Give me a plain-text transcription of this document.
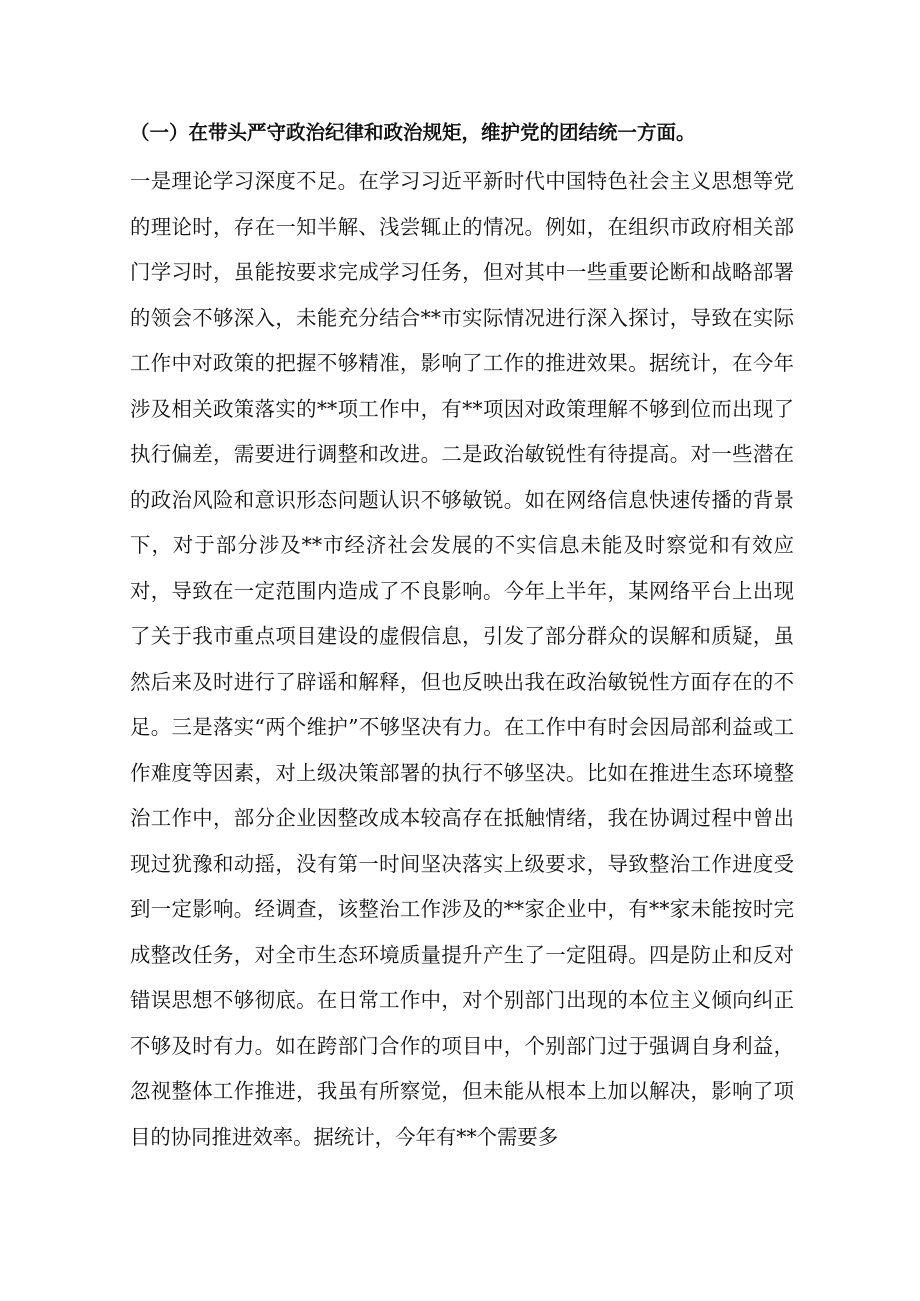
（一）在带头严守政治纪律和政治规矩，维护党的团结统一方面。
一是理论学习深度不足。在学习习近平新时代中国特色社会主义思想等党的理论时，存在一知半解、浅尝辄止的情况。例如，在组织市政府相关部门学习时，虽能按要求完成学习任务，但对其中一些重要论断和战略部署的领会不够深入，未能充分结合**市实际情况进行深入探讨，导致在实际工作中对政策的把握不够精准，影响了工作的推进效果。据统计，在今年涉及相关政策落实的**项工作中，有**项因对政策理解不够到位而出现了执行偏差，需要进行调整和改进。二是政治敏锐性有待提高。对一些潜在的政治风险和意识形态问题认识不够敏锐。如在网络信息快速传播的背景下，对于部分涉及**市经济社会发展的不实信息未能及时察觉和有效应对，导致在一定范围内造成了不良影响。今年上半年，某网络平台上出现了关于我市重点项目建设的虚假信息，引发了部分群众的误解和质疑，虽然后来及时进行了辟谣和解释，但也反映出我在政治敏锐性方面存在的不足。三是落实“两个维护”不够坚决有力。在工作中有时会因局部利益或工作难度等因素，对上级决策部署的执行不够坚决。比如在推进生态环境整治工作中，部分企业因整改成本较高存在抵触情绪，我在协调过程中曾出现过犹豫和动摇，没有第一时间坚决落实上级要求，导致整治工作进度受到一定影响。经调查，该整治工作涉及的**家企业中，有**家未能按时完成整改任务，对全市生态环境质量提升产生了一定阻碍。四是防止和反对错误思想不够彻底。在日常工作中，对个别部门出现的本位主义倾向纠正不够及时有力。如在跨部门合作的项目中，个别部门过于强调自身利益，忽视整体工作推进，我虽有所察觉，但未能从根本上加以解决，影响了项目的协同推进效率。据统计，今年有**个需要多
